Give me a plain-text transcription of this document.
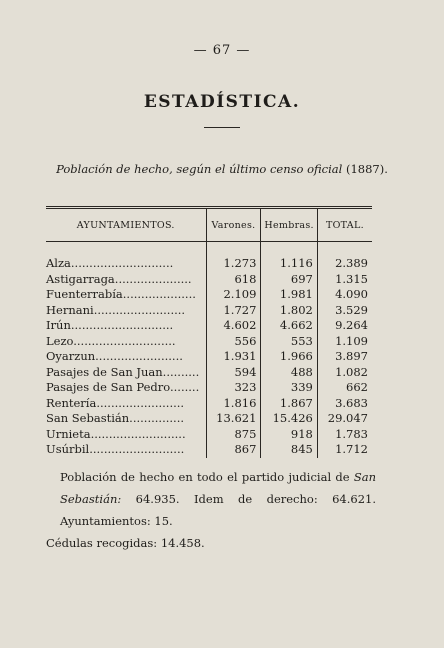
— 67 —
ESTADÍSTICA.
Población de hecho, según el último censo oficial (1887).
AYUNTAMIENTOS.	Varones.	Hembras.	TOTAL.

Alza............................	1.273	1.116	2.389
Astigarraga.....................	618	697	1.315
Fuenterrabía....................	2.109	1.981	4.090
Hernani.........................	1.727	1.802	3.529
Irún............................	4.602	4.662	9.264
Lezo............................	556	553	1.109
Oyarzun........................	1.931	1.966	3.897
Pasajes de San Juan..........	594	488	1.082
Pasajes de San Pedro........	323	339	662
Rentería........................	1.816	1.867	3.683
San Sebastián...............	13.621	15.426	29.047
Urnieta..........................	875	918	1.783
Usúrbil..........................	867	845	1.712
Población de hecho en todo el partido judicial de San Sebastián: 64.935. Idem de derecho: 64.621. Ayuntamientos: 15.
Cédulas recogidas: 14.458.
